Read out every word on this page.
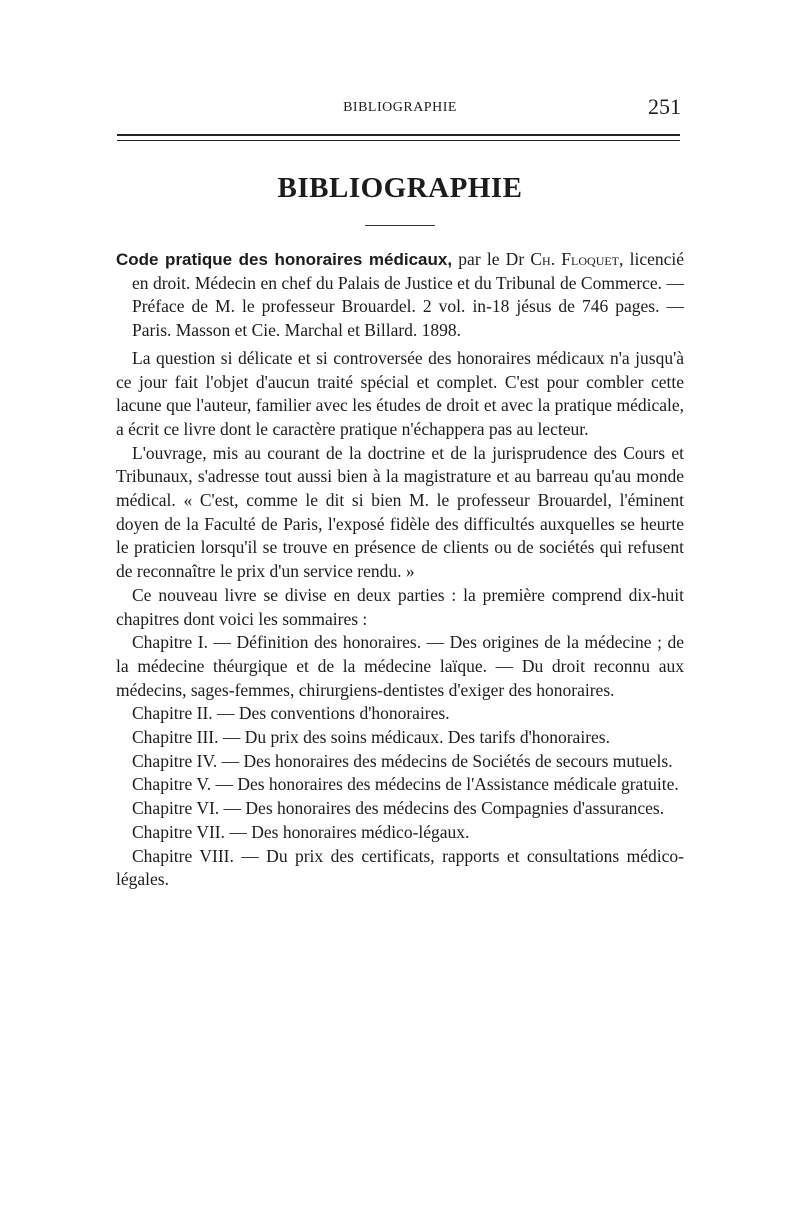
BIBLIOGRAPHIE	251
BIBLIOGRAPHIE

Code pratique des honoraires médicaux, par le Dr Ch. Floquet, licencié en droit. Médecin en chef du Palais de Justice et du Tribunal de Commerce. — Préface de M. le professeur Brouardel. 2 vol. in-18 jésus de 746 pages. — Paris. Masson et Cie. Marchal et Billard. 1898.

La question si délicate et si controversée des honoraires médicaux n'a jusqu'à ce jour fait l'objet d'aucun traité spécial et complet. C'est pour combler cette lacune que l'auteur, familier avec les études de droit et avec la pratique médicale, a écrit ce livre dont le caractère pratique n'échappera pas au lecteur.

L'ouvrage, mis au courant de la doctrine et de la jurisprudence des Cours et Tribunaux, s'adresse tout aussi bien à la magistrature et au barreau qu'au monde médical. « C'est, comme le dit si bien M. le professeur Brouardel, l'éminent doyen de la Faculté de Paris, l'exposé fidèle des difficultés auxquelles se heurte le praticien lorsqu'il se trouve en présence de clients ou de sociétés qui refusent de reconnaître le prix d'un service rendu. »

Ce nouveau livre se divise en deux parties : la première comprend dix-huit chapitres dont voici les sommaires :

Chapitre I. — Définition des honoraires. — Des origines de la médecine ; de la médecine théurgique et de la médecine laïque. — Du droit reconnu aux médecins, sages-femmes, chirurgiens-dentistes d'exiger des honoraires.

Chapitre II. — Des conventions d'honoraires.

Chapitre III. — Du prix des soins médicaux. Des tarifs d'honoraires.

Chapitre IV. — Des honoraires des médecins de Sociétés de secours mutuels.

Chapitre V. — Des honoraires des médecins de l'Assistance médicale gratuite.

Chapitre VI. — Des honoraires des médecins des Compagnies d'assurances.

Chapitre VII. — Des honoraires médico-légaux.

Chapitre VIII. — Du prix des certificats, rapports et consultations médico-légales.
